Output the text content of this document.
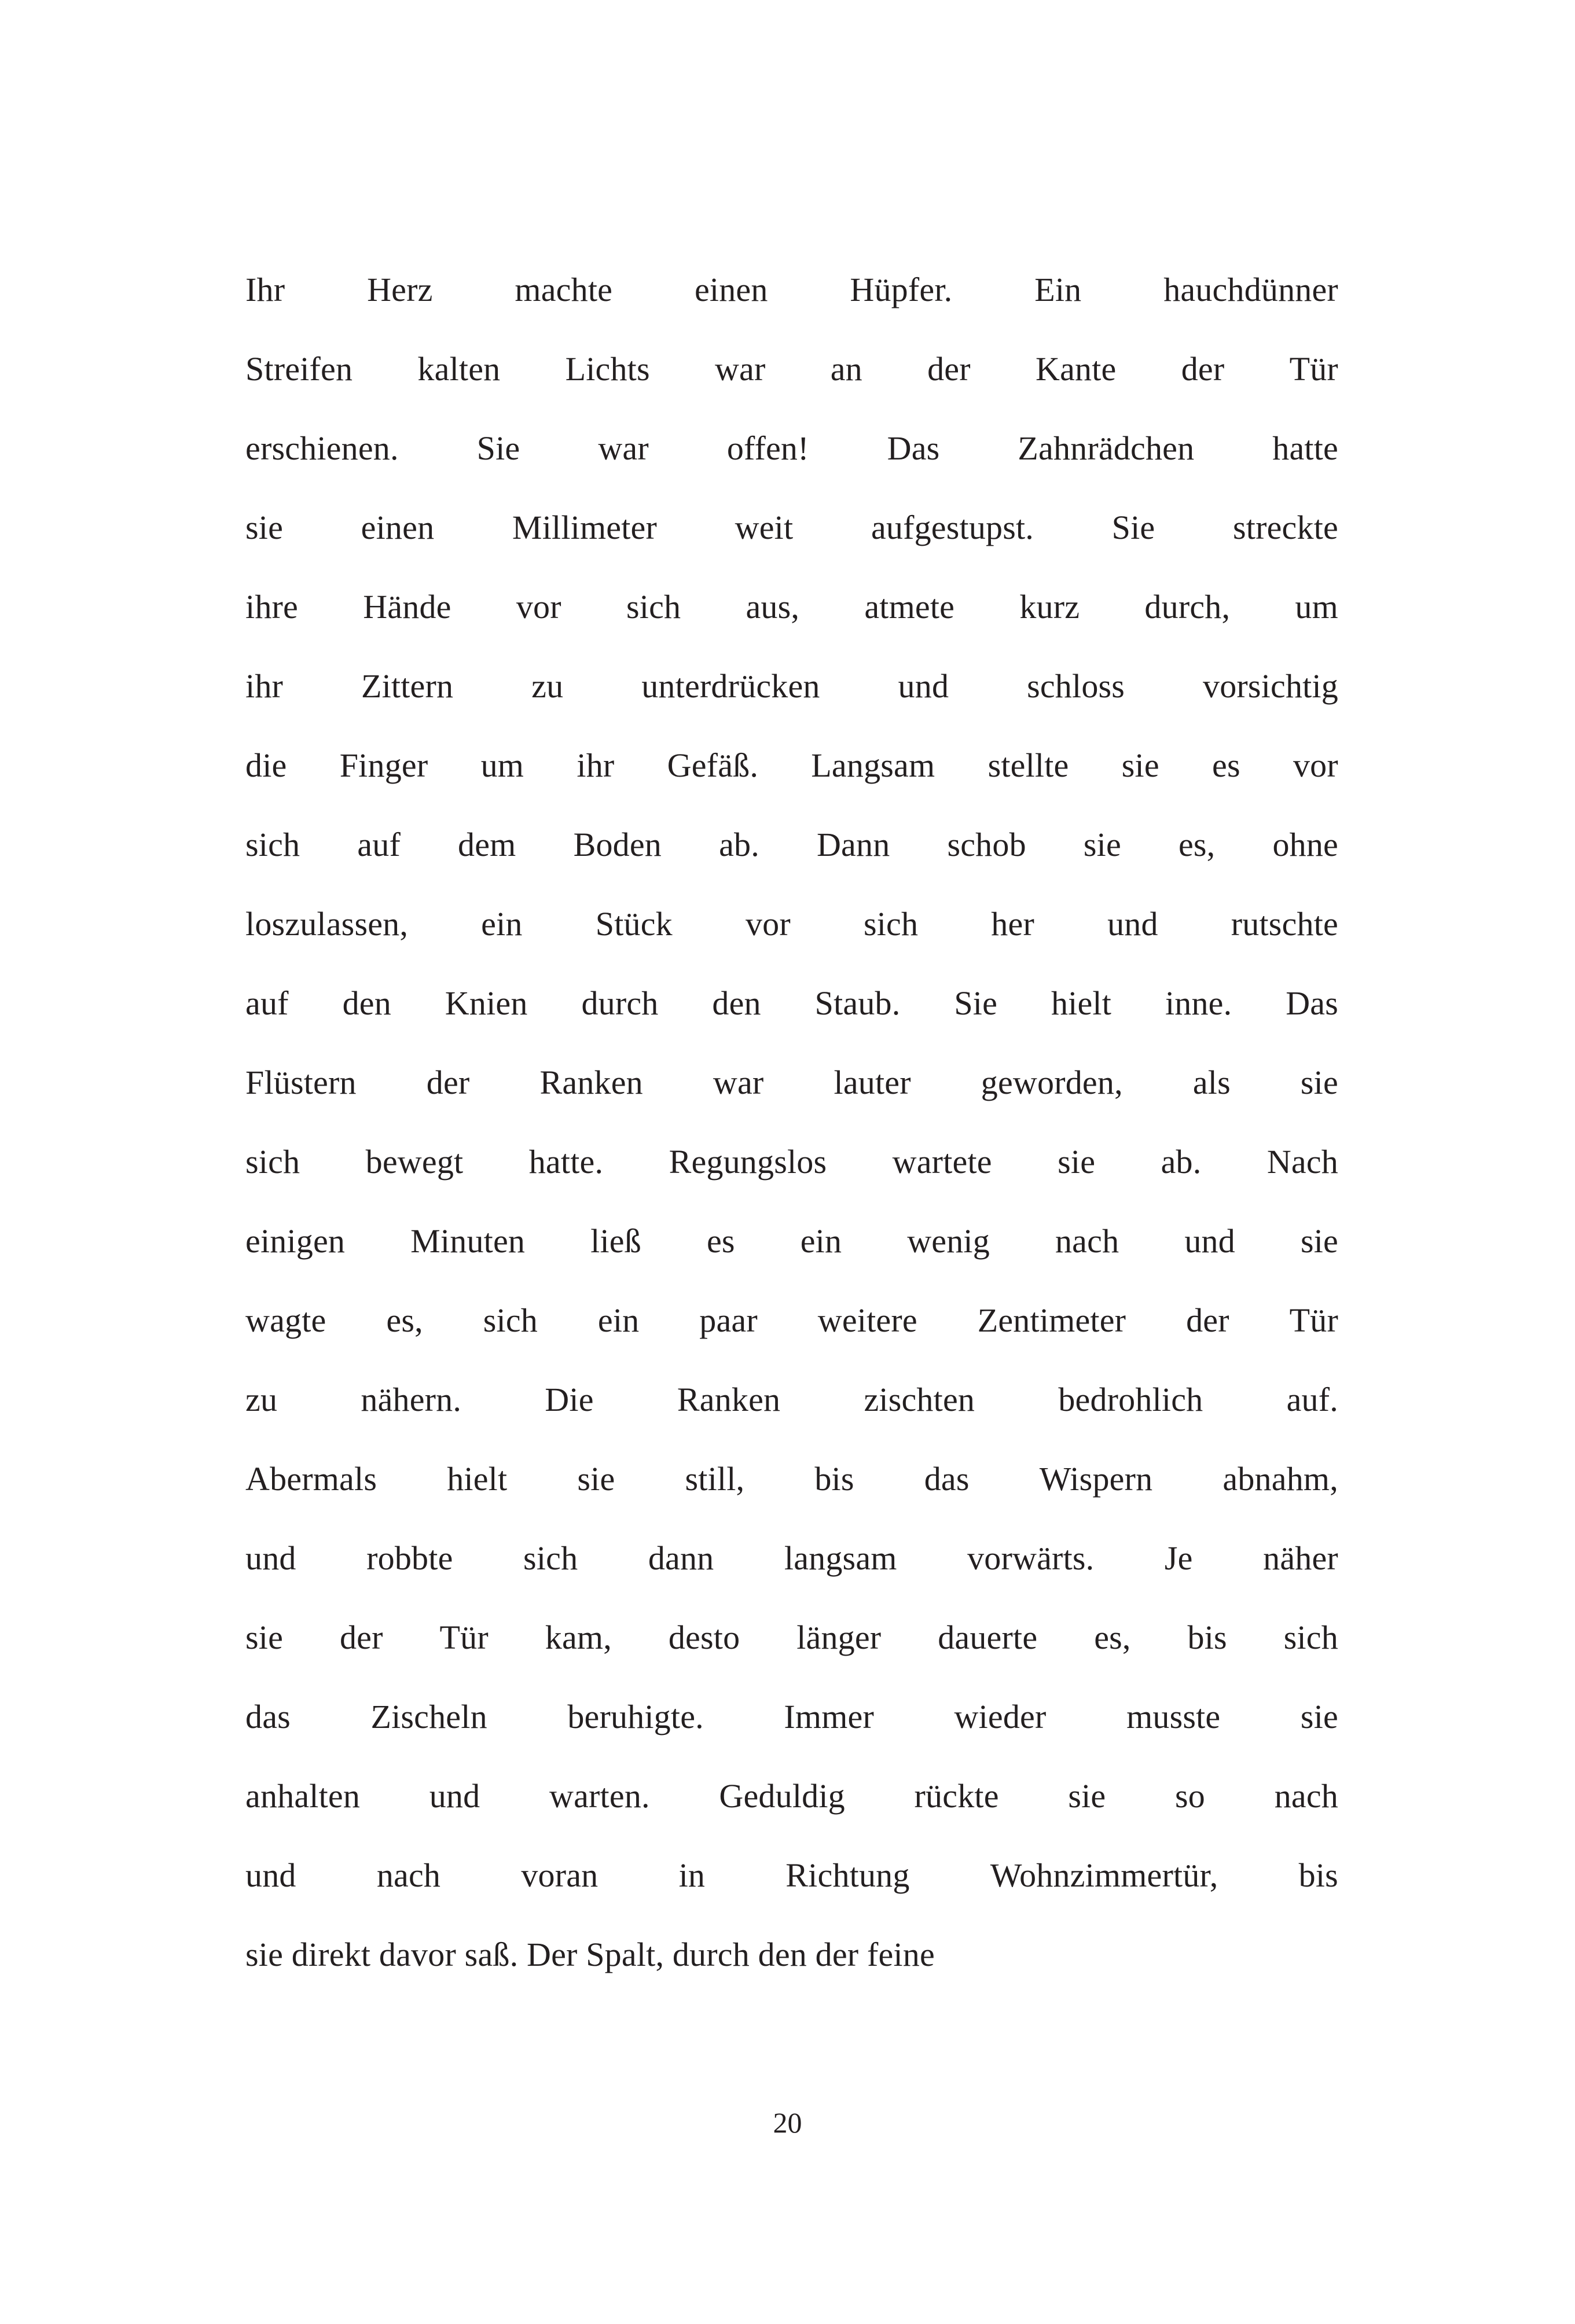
Ihr Herz machte einen Hüpfer. Ein hauchdünner
Streifen kalten Lichts war an der Kante der Tür
erschienen. Sie war offen! Das Zahnrädchen hatte
sie einen Millimeter weit aufgestupst. Sie streckte
ihre Hände vor sich aus, atmete kurz durch, um
ihr Zittern zu unterdrücken und schloss vorsichtig
die Finger um ihr Gefäß. Langsam stellte sie es vor
sich auf dem Boden ab. Dann schob sie es, ohne
loszulassen, ein Stück vor sich her und rutschte
auf den Knien durch den Staub. Sie hielt inne. Das
Flüstern der Ranken war lauter geworden, als sie
sich bewegt hatte. Regungslos wartete sie ab. Nach
einigen Minuten ließ es ein wenig nach und sie
wagte es, sich ein paar weitere Zentimeter der Tür
zu nähern. Die Ranken zischten bedrohlich auf.
Abermals hielt sie still, bis das Wispern abnahm,
und robbte sich dann langsam vorwärts. Je näher
sie der Tür kam, desto länger dauerte es, bis sich
das Zischeln beruhigte. Immer wieder musste sie
anhalten und warten. Geduldig rückte sie so nach
und nach voran in Richtung Wohnzimmertür, bis
sie direkt davor saß. Der Spalt, durch den der feine
20
